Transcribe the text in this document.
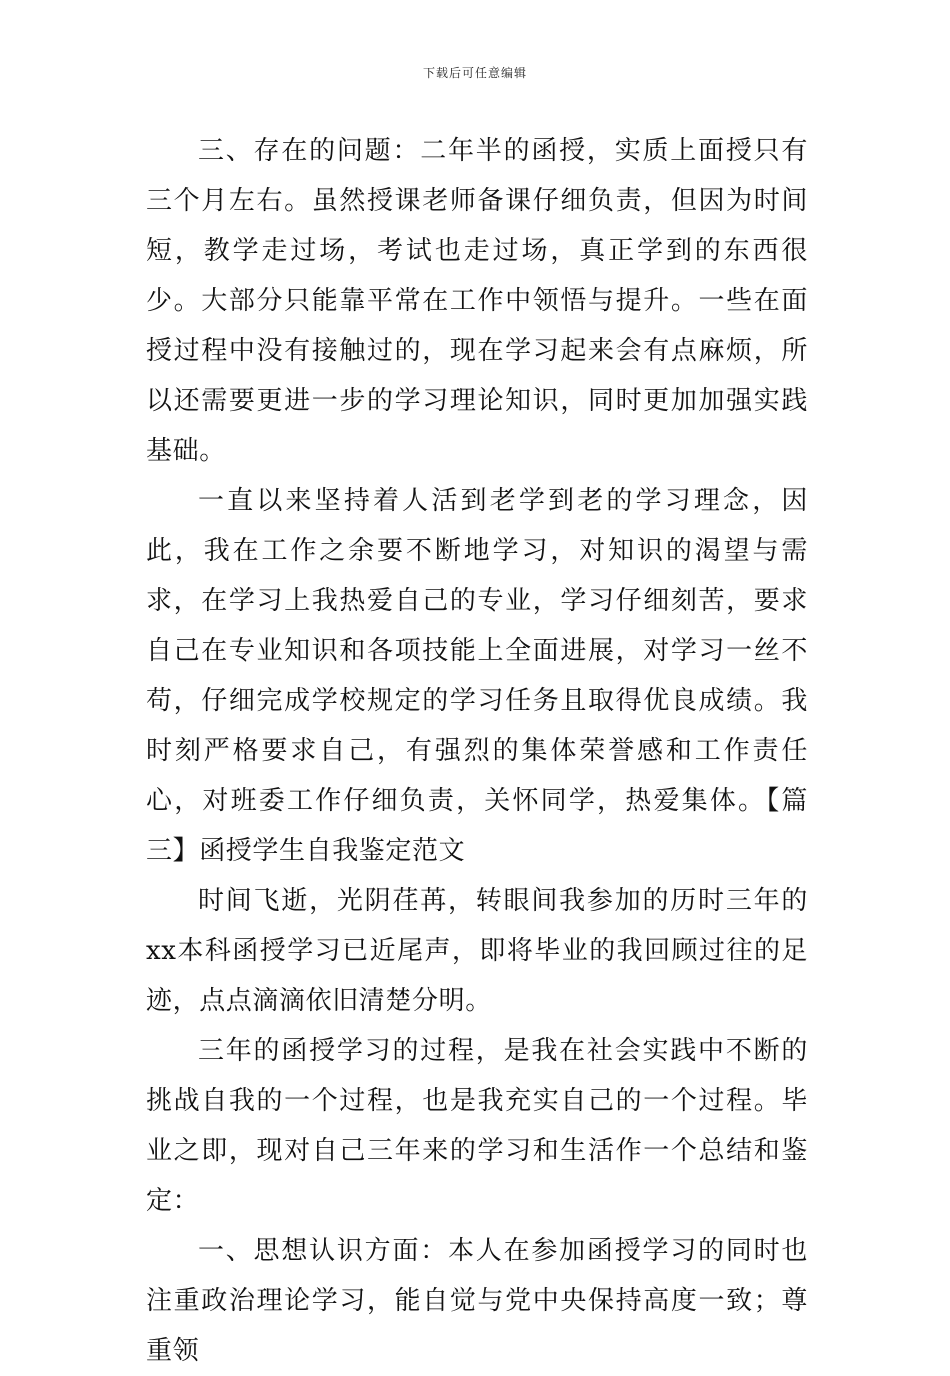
下载后可任意编辑

三、存在的问题：二年半的函授，实质上面授只有三个月左右。虽然授课老师备课仔细负责，但因为时间短，教学走过场，考试也走过场，真正学到的东西很少。大部分只能靠平常在工作中领悟与提升。一些在面授过程中没有接触过的，现在学习起来会有点麻烦，所以还需要更进一步的学习理论知识，同时更加加强实践基础。

一直以来坚持着人活到老学到老的学习理念，因此，我在工作之余要不断地学习，对知识的渴望与需求，在学习上我热爱自己的专业，学习仔细刻苦，要求自己在专业知识和各项技能上全面进展，对学习一丝不苟，仔细完成学校规定的学习任务且取得优良成绩。我时刻严格要求自己，有强烈的集体荣誉感和工作责任心，对班委工作仔细负责，关怀同学，热爱集体。【篇三】函授学生自我鉴定范文

时间飞逝，光阴荏苒，转眼间我参加的历时三年的xx本科函授学习已近尾声，即将毕业的我回顾过往的足迹，点点滴滴依旧清楚分明。

三年的函授学习的过程，是我在社会实践中不断的挑战自我的一个过程，也是我充实自己的一个过程。毕业之即，现对自己三年来的学习和生活作一个总结和鉴定：

一、思想认识方面：本人在参加函授学习的同时也注重政治理论学习，能自觉与党中央保持高度一致；尊重领
